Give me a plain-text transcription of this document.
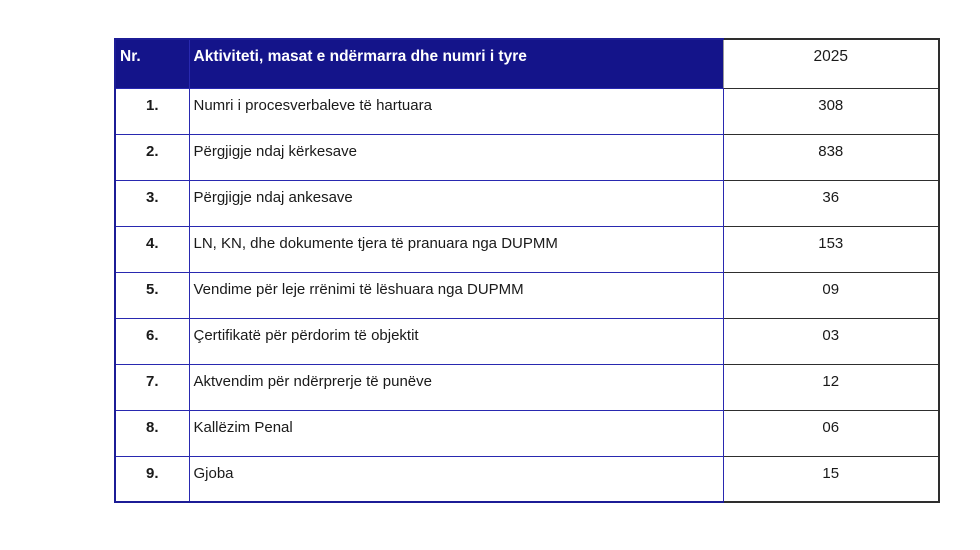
Nr.	Aktiviteti, masat e ndërmarra dhe numri i tyre	2025
1.	Numri i procesverbaleve të hartuara	308
2.	Përgjigje ndaj kërkesave	838
3.	Përgjigje ndaj ankesave	36
4.	LN, KN, dhe dokumente tjera të pranuara nga DUPMM	153
5.	Vendime për leje rrënimi të lëshuara nga DUPMM	09
6.	Çertifikatë për përdorim të objektit	03
7.	Aktvendim për ndërprerje të punëve	12
8.	Kallëzim Penal	06
9.	Gjoba	15
